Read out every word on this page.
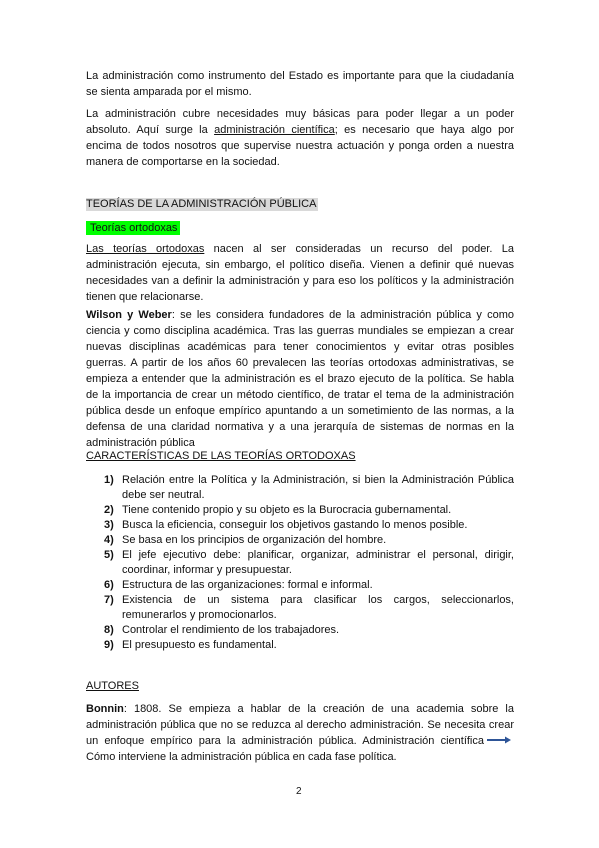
La administración como instrumento del Estado es importante para que la ciudadanía se sienta amparada por el mismo.

La administración cubre necesidades muy básicas para poder llegar a un poder absoluto. Aquí surge la administración científica; es necesario que haya algo por encima de todos nosotros que supervise nuestra actuación y ponga orden a nuestra manera de comportarse en la sociedad.

TEORÍAS DE LA ADMINISTRACIÓN PÚBLICA
Teorías ortodoxas

Las teorías ortodoxas nacen al ser consideradas un recurso del poder. La administración ejecuta, sin embargo, el político diseña. Vienen a definir qué nuevas necesidades van a definir la administración y para eso los políticos y la administración tienen que relacionarse.

Wilson y Weber: se les considera fundadores de la administración pública y como ciencia y como disciplina académica. Tras las guerras mundiales se empiezan a crear nuevas disciplinas académicas para tener conocimientos y evitar otras posibles guerras. A partir de los años 60 prevalecen las teorías ortodoxas administrativas, se empieza a entender que la administración es el brazo ejecuto de la política. Se habla de la importancia de crear un método científico, de tratar el tema de la administración pública desde un enfoque empírico apuntando a un sometimiento de las normas, a la defensa de una claridad normativa y a una jerarquía de sistemas de normas en la administración pública

CARACTERÍSTICAS DE LAS TEORÍAS ORTODOXAS
1) Relación entre la Política y la Administración, si bien la Administración Pública debe ser neutral.
2) Tiene contenido propio y su objeto es la Burocracia gubernamental.
3) Busca la eficiencia, conseguir los objetivos gastando lo menos posible.
4) Se basa en los principios de organización del hombre.
5) El jefe ejecutivo debe: planificar, organizar, administrar el personal, dirigir, coordinar, informar y presupuestar.
6) Estructura de las organizaciones: formal e informal.
7) Existencia de un sistema para clasificar los cargos, seleccionarlos, remunerarlos y promocionarlos.
8) Controlar el rendimiento de los trabajadores.
9) El presupuesto es fundamental.
AUTORES

Bonnin: 1808. Se empieza a hablar de la creación de una academia sobre la administración pública que no se reduzca al derecho administración. Se necesita crear un enfoque empírico para la administración pública. Administración científica Cómo interviene la administración pública en cada fase política.

2
